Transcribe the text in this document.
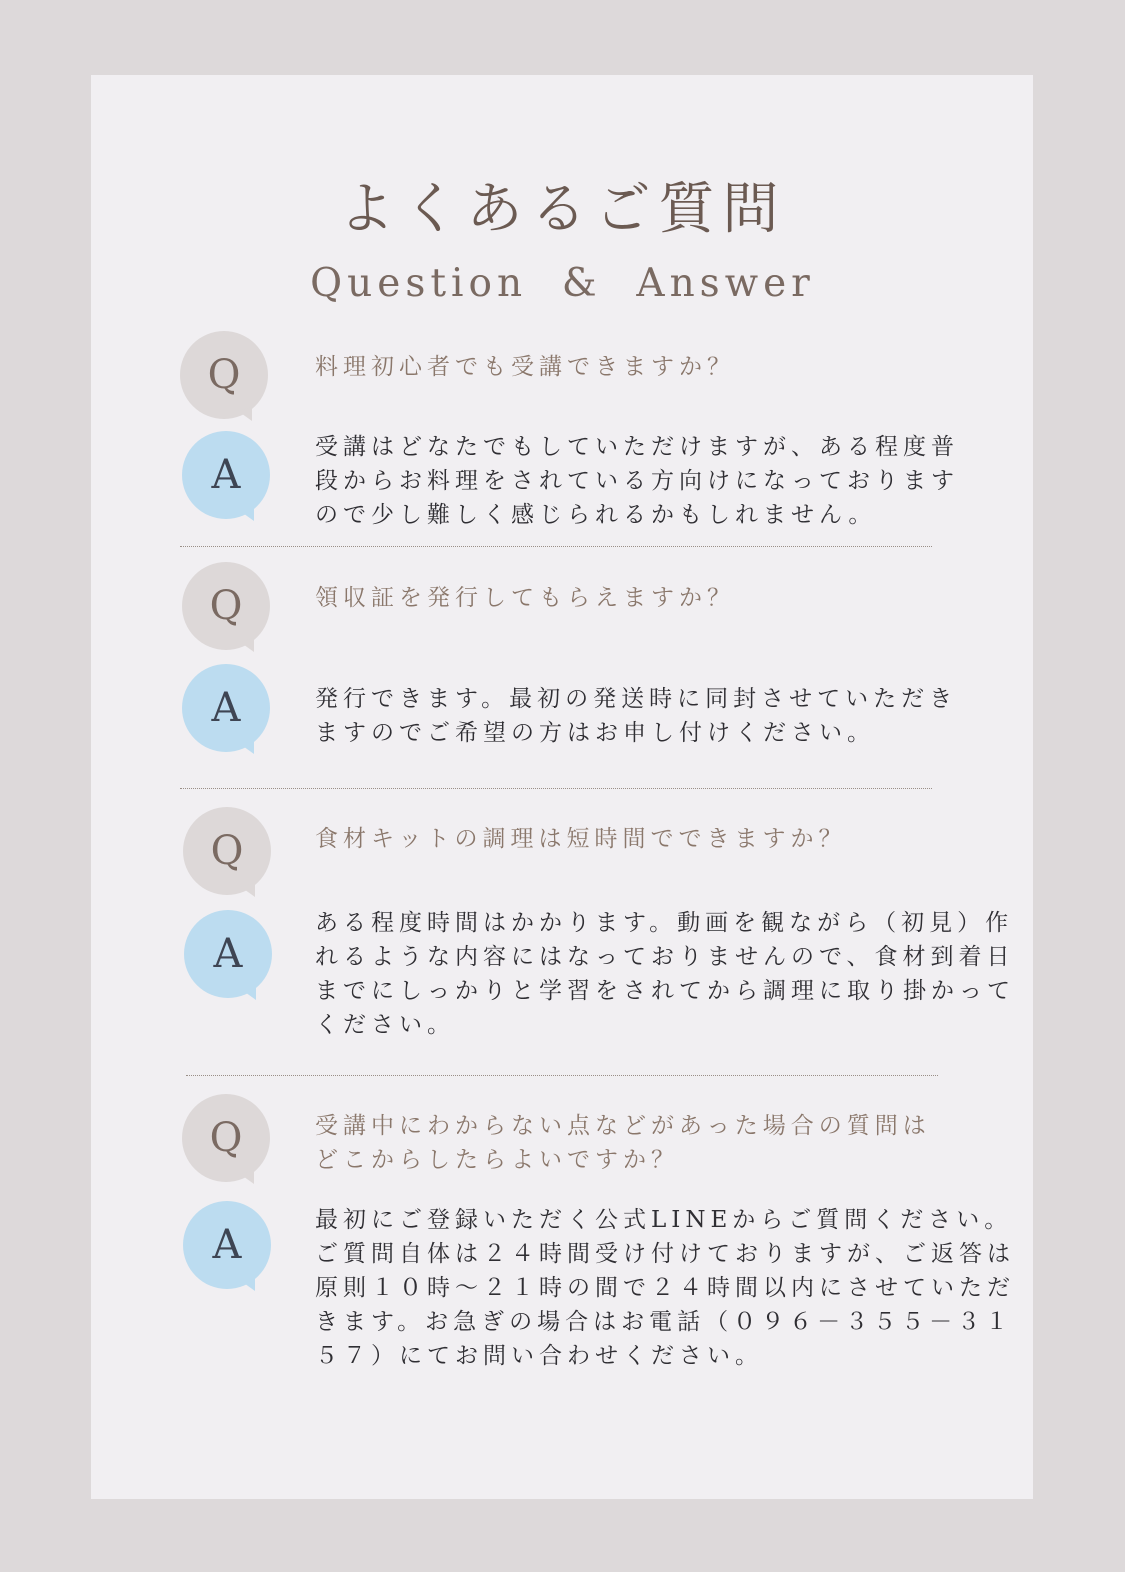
よくあるご質問
Question  &  Answer
Q	料理初心者でも受講できますか？
A
受講はどなたでもしていただけますが、ある程度普
段からお料理をされている方向けになっております
ので少し難しく感じられるかもしれません。
Q	領収証を発行してもらえますか？
A	発行できます。最初の発送時に同封させていただき
ますのでご希望の方はお申し付けください。
Q	食材キットの調理は短時間でできますか？
A
ある程度時間はかかります。動画を観ながら（初見）作
れるような内容にはなっておりませんので、食材到着日
までにしっかりと学習をされてから調理に取り掛かって
ください。
Q	受講中にわからない点などがあった場合の質問は
どこからしたらよいですか？
A
最初にご登録いただく公式LINEからご質問ください。
ご質問自体は２４時間受け付けておりますが、ご返答は
原則１０時～２１時の間で２４時間以内にさせていただ
きます。お急ぎの場合はお電話（０９６－３５５－３１
５７）にてお問い合わせください。
